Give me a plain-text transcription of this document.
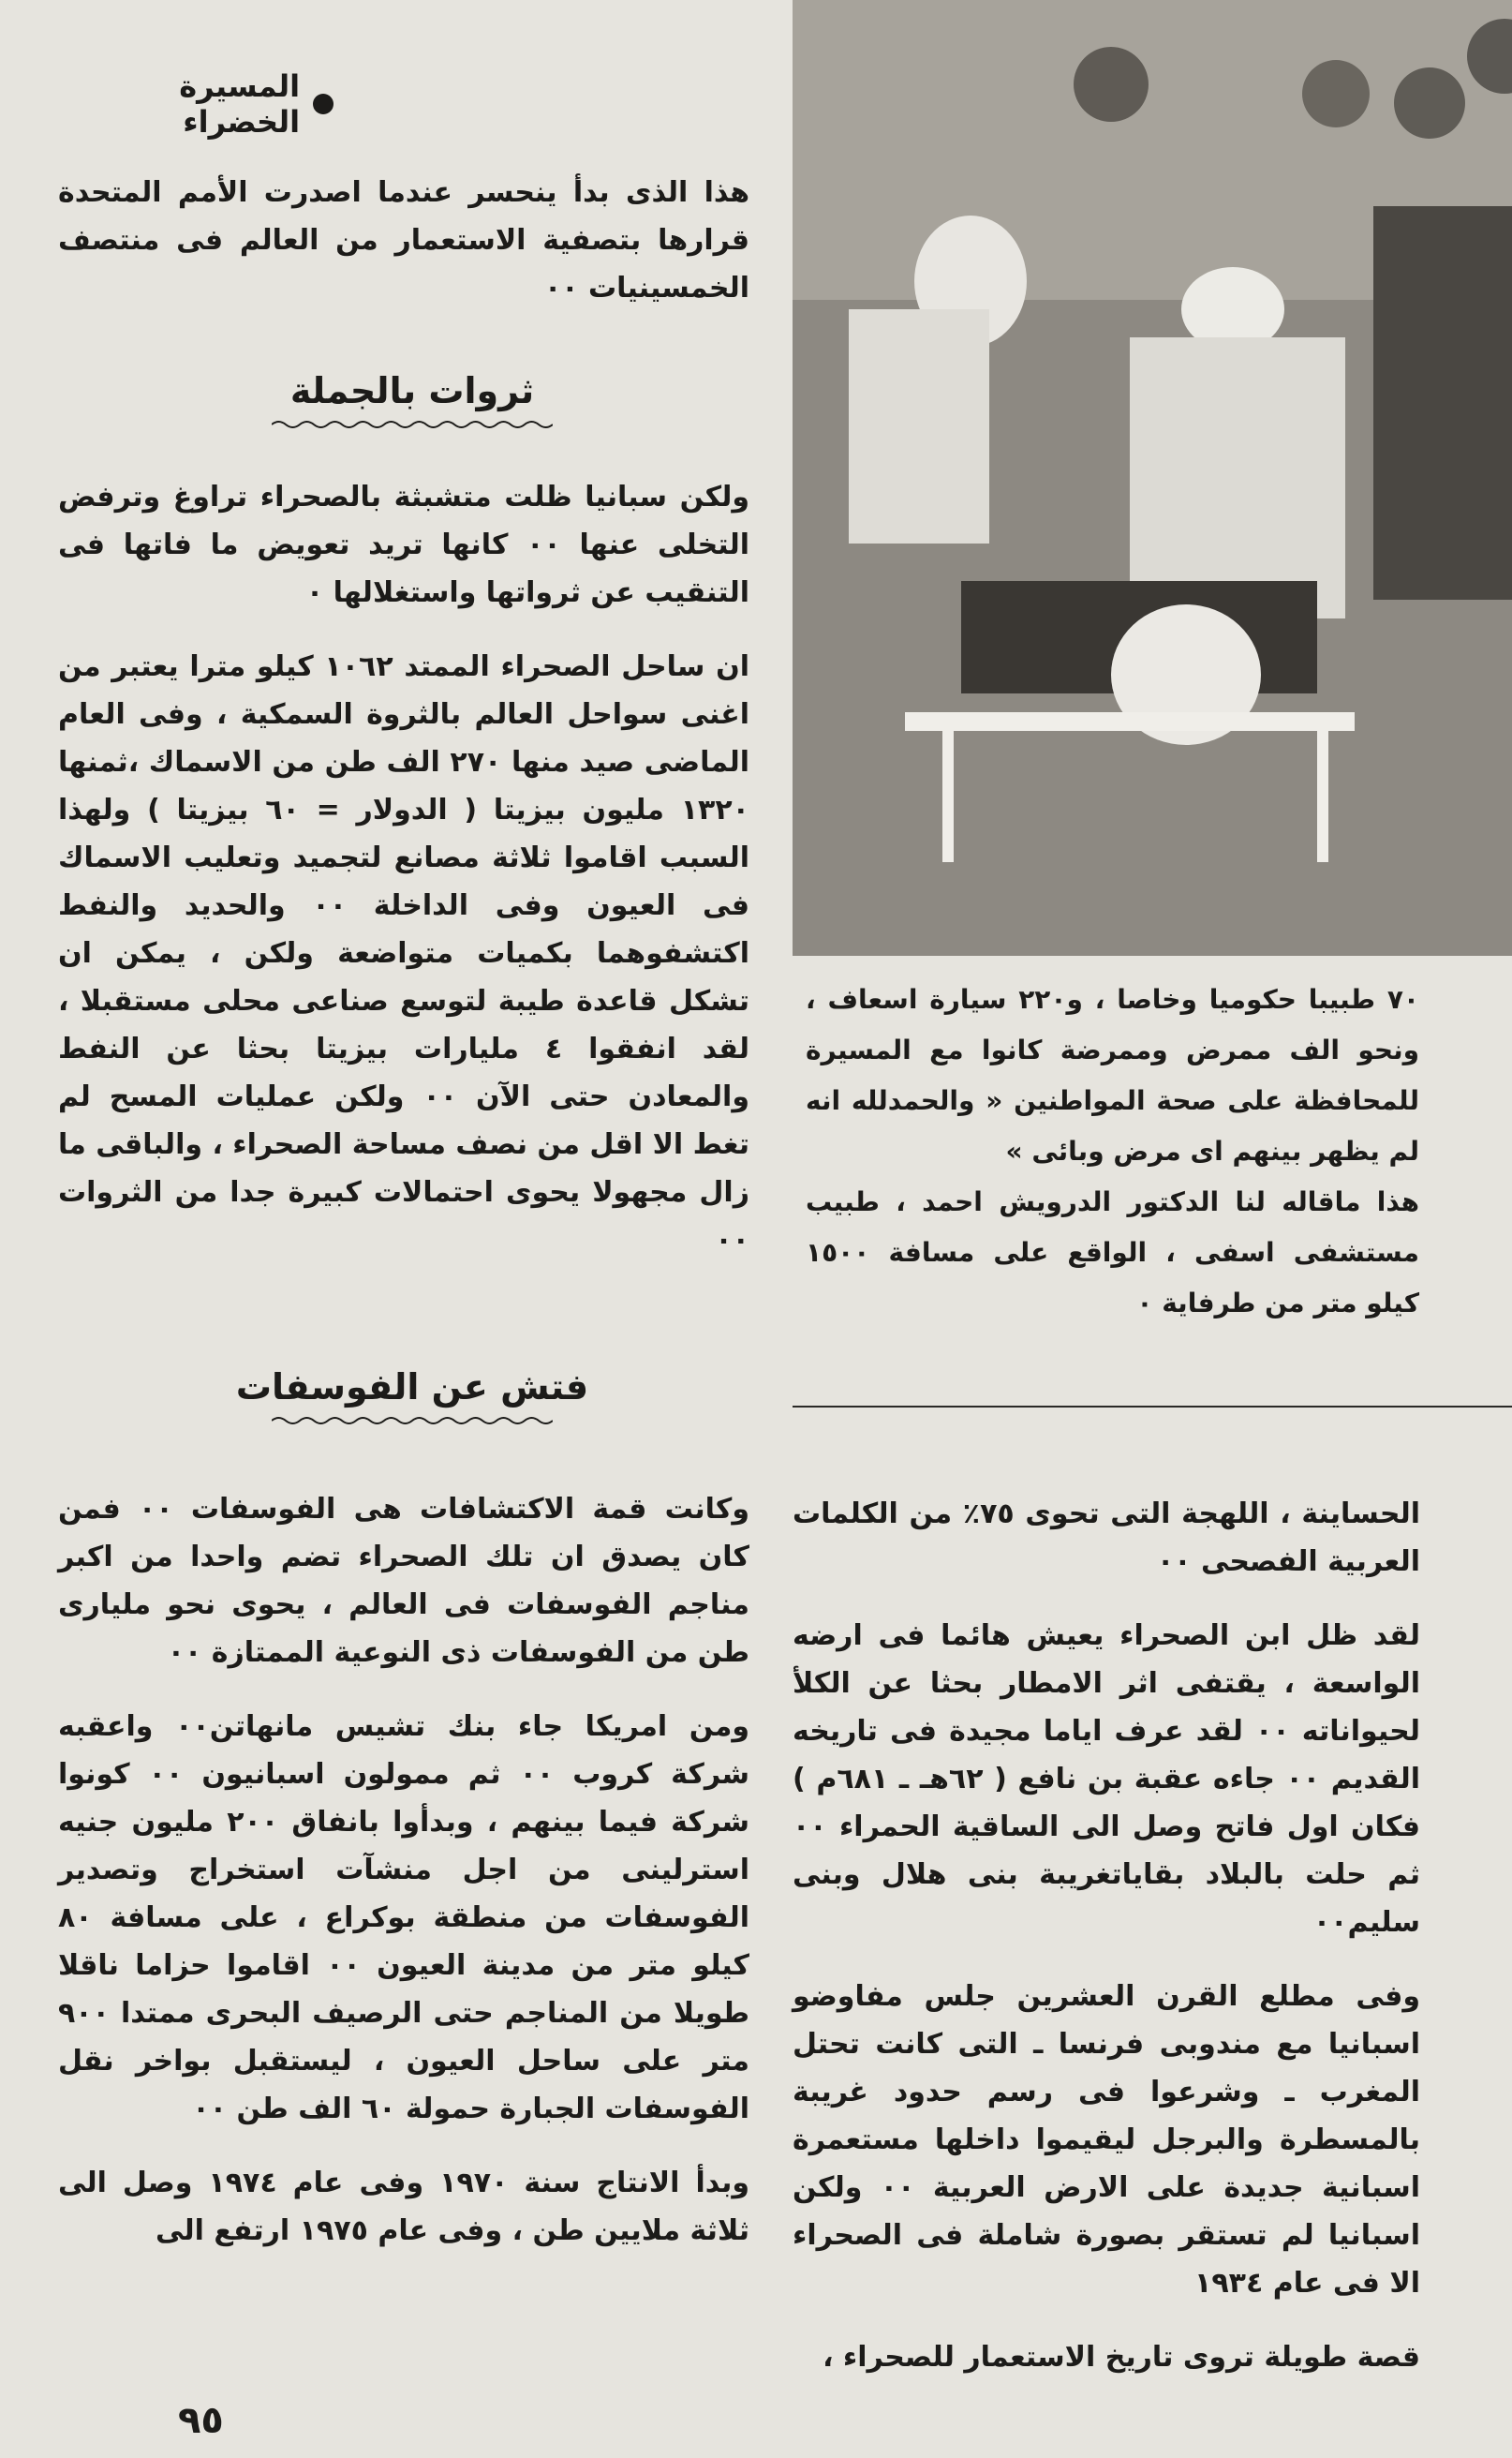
المسيرة الخضراء

هذا الذى بدأ ينحسر عندما اصدرت الأمم المتحدة قرارها بتصفية الاستعمار من العالم فى منتصف الخمسينيات ٠٠

ثروات بالجملة

ولكن سبانيا ظلت متشبثة بالصحراء تراوغ وترفض التخلى عنها ٠٠ كانها تريد تعويض ما فاتها فى التنقيب عن ثرواتها واستغلالها ٠

ان ساحل الصحراء الممتد ١٠٦٢ كيلو مترا يعتبر من اغنى سواحل العالم بالثروة السمكية ، وفى العام الماضى صيد منها ٢٧٠ الف طن من الاسماك ،ثمنها ١٣٢٠ مليون بيزيتا ( الدولار = ٦٠ بيزيتا ) ولهذا السبب اقاموا ثلاثة مصانع لتجميد وتعليب الاسماك فى العيون وفى الداخلة ٠٠ والحديد والنفط اكتشفوهما بكميات متواضعة ولكن ، يمكن ان تشكل قاعدة طيبة لتوسع صناعى محلى مستقبلا ، لقد انفقوا ٤ مليارات بيزيتا بحثا عن النفط والمعادن حتى الآن ٠٠ ولكن عمليات المسح لم تغط الا اقل من نصف مساحة الصحراء ، والباقى ما زال مجهولا يحوى احتمالات كبيرة جدا من الثروات ٠٠

فتش عن الفوسفات

وكانت قمة الاكتشافات هى الفوسفات ٠٠ فمن كان يصدق ان تلك الصحراء تضم واحدا من اكبر مناجم الفوسفات فى العالم ، يحوى نحو مليارى طن من الفوسفات ذى النوعية الممتازة ٠٠

ومن امريكا جاء بنك تشيس مانهاتن٠٠ واعقبه شركة كروب ٠٠ ثم ممولون اسبانيون ٠٠ كونوا شركة فيما بينهم ، وبدأوا بانفاق ٢٠٠ مليون جنيه استرلينى من اجل منشآت استخراج وتصدير الفوسفات من منطقة بوكراع ، على مسافة ٨٠ كيلو متر من مدينة العيون ٠٠ اقاموا حزاما ناقلا طويلا من المناجم حتى الرصيف البحرى ممتدا ٩٠٠ متر على ساحل العيون ، ليستقبل بواخر نقل الفوسفات الجبارة حمولة ٦٠ الف طن ٠٠

وبدأ الانتاج سنة ١٩٧٠ وفى عام ١٩٧٤ وصل الى ثلاثة ملايين طن ، وفى عام ١٩٧٥ ارتفع الى

٧٠ طبيبا حكوميا وخاصا ، و٢٢٠ سيارة اسعاف ، ونحو الف ممرض وممرضة كانوا مع المسيرة للمحافظة على صحة المواطنين « والحمدلله انه لم يظهر بينهم اى مرض وبائى »

هذا ماقاله لنا الدكتور الدرويش احمد ، طبيب مستشفى اسفى ، الواقع على مسافة ١٥٠٠ كيلو متر من طرفاية ٠

الحساينة ، اللهجة التى تحوى ٧٥٪ من الكلمات العربية الفصحى ٠٠

لقد ظل ابن الصحراء يعيش هائما فى ارضه الواسعة ، يقتفى اثر الامطار بحثا عن الكلأ لحيواناته ٠٠ لقد عرف اياما مجيدة فى تاريخه القديم ٠٠ جاءه عقبة بن نافع ( ٦٢هـ ـ ٦٨١م ) فكان اول فاتح وصل الى الساقية الحمراء ٠٠ ثم حلت بالبلاد بقاياتغريبة بنى هلال وبنى سليم٠٠

وفى مطلع القرن العشرين جلس مفاوضو اسبانيا مع مندوبى فرنسا ـ التى كانت تحتل المغرب ـ وشرعوا فى رسم حدود غريبة بالمسطرة والبرجل ليقيموا داخلها مستعمرة اسبانية جديدة على الارض العربية ٠٠ ولكن اسبانيا لم تستقر بصورة شاملة فى الصحراء الا فى عام ١٩٣٤

قصة طويلة تروى تاريخ الاستعمار للصحراء ،

٩٥
